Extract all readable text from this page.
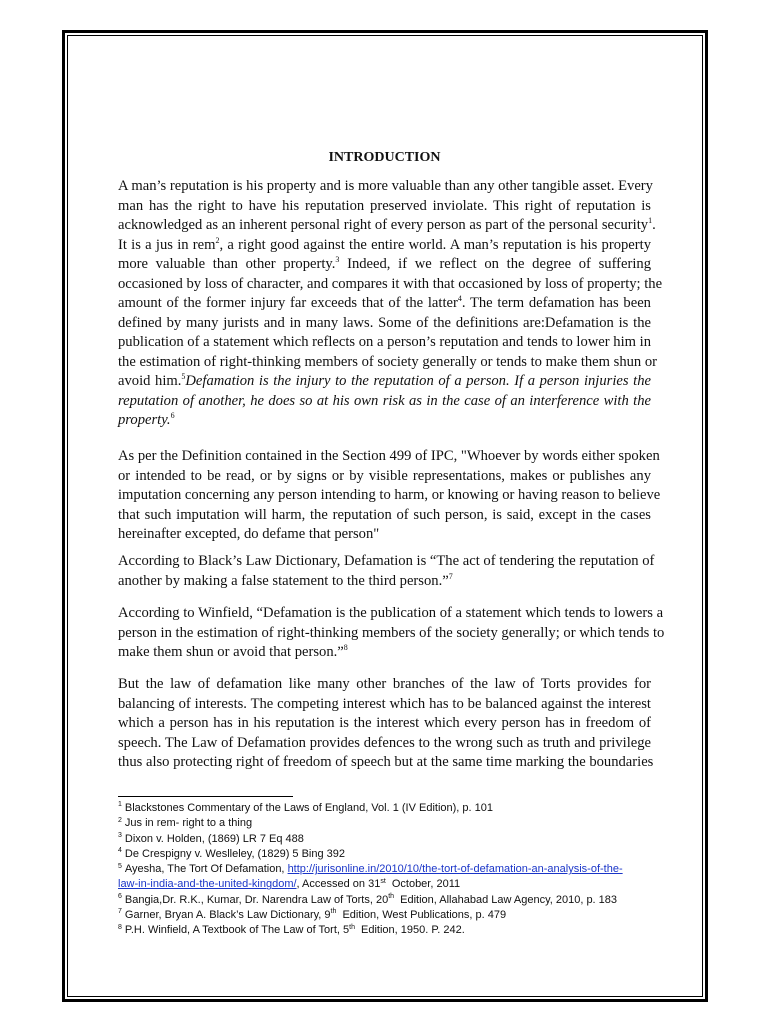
INTRODUCTION
A man’s reputation is his property and is more valuable than any other tangible asset. Every
man has the right to have his reputation preserved inviolate. This right of reputation is
acknowledged as an inherent personal right of every person as part of the personal security$^1$.
It is a jus in rem$^2$, a right good against the entire world. A man’s reputation is his property
more valuable than other property.$^3$ Indeed, if we reflect on the degree of suffering
occasioned by loss of character, and compares it with that occasioned by loss of property; the
amount of the former injury far exceeds that of the latter$^4$. The term defamation has been
defined by many jurists and in many laws. Some of the definitions are:Defamation is the
publication of a statement which reflects on a person’s reputation and tends to lower him in
the estimation of right-thinking members of society generally or tends to make them shun or
avoid him.$^5$Defamation is the injury to the reputation of a person. If a person injuries the
reputation of another, he does so at his own risk as in the case of an interference with the
property.$^6$
As per the Definition contained in the Section 499 of IPC, "Whoever by words either spoken
or intended to be read, or by signs or by visible representations, makes or publishes any
imputation concerning any person intending to harm, or knowing or having reason to believe
that such imputation will harm, the reputation of such person, is said, except in the cases
hereinafter excepted, do defame that person"
According to Black’s Law Dictionary, Defamation is “The act of tendering the reputation of
another by making a false statement to the third person.”$^7$
According to Winfield, “Defamation is the publication of a statement which tends to lowers a
person in the estimation of right-thinking members of the society generally; or which tends to
make them shun or avoid that person.”$^8$
But the law of defamation like many other branches of the law of Torts provides for
balancing of interests. The competing interest which has to be balanced against the interest
which a person has in his reputation is the interest which every person has in freedom of
speech. The Law of Defamation provides defences to the wrong such as truth and privilege
thus also protecting right of freedom of speech but at the same time marking the boundaries
$^1$ Blackstones Commentary of the Laws of England, Vol. 1 (IV Edition), p. 101
$^2$ Jus in rem- right to a thing
$^3$ Dixon v. Holden, (1869) LR 7 Eq 488
$^4$ De Crespigny v. Weslleley, (1829) 5 Bing 392
$^5$ Ayesha, The Tort Of Defamation, http://jurisonline.in/2010/10/the-tort-of-defamation-an-analysis-of-the-
law-in-india-and-the-united-kingdom/, Accessed on 31st October, 2011
$^6$ Bangia,Dr. R.K., Kumar, Dr. Narendra Law of Torts, 20th Edition, Allahabad Law Agency, 2010, p. 183
$^7$ Garner, Bryan A. Black’s Law Dictionary, 9th Edition, West Publications, p. 479
$^8$ P.H. Winfield, A Textbook of The Law of Tort, 5th Edition, 1950. P. 242.
